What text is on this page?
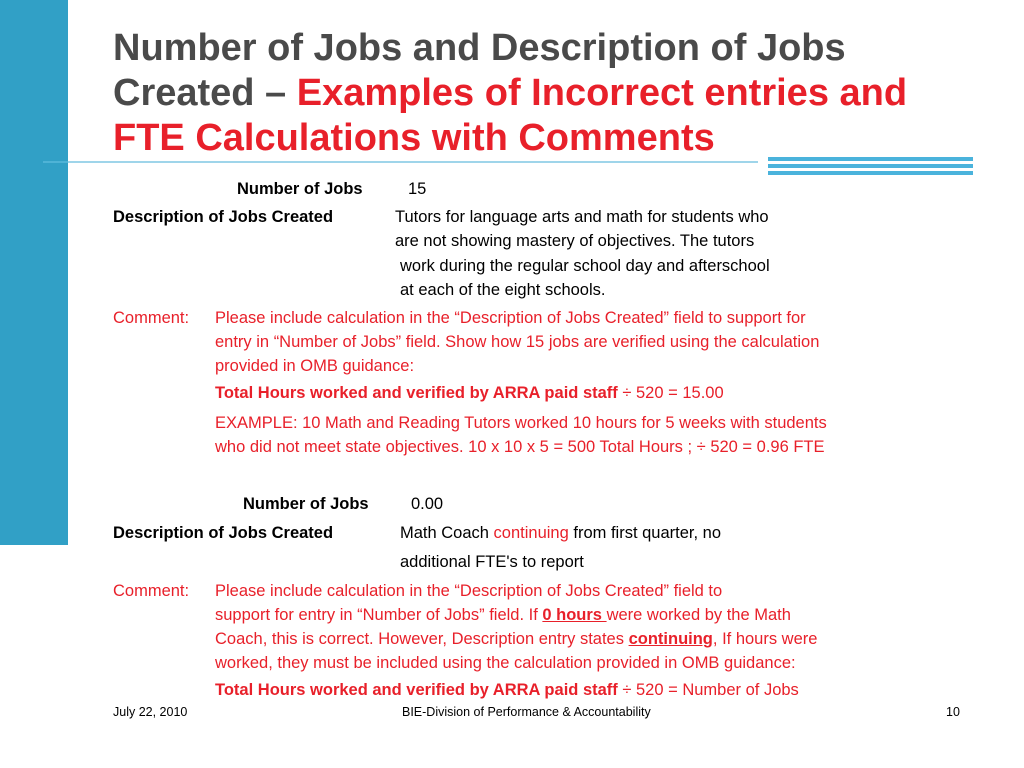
Number of Jobs and Description of Jobs
Created – Examples of Incorrect entries and
FTE Calculations with Comments
Number of Jobs	15
Description of Jobs Created	Tutors for language arts and math for students who
are not showing mastery of objectives. The tutors
work during the regular school day and afterschool
at each of the eight schools.
Comment: Please include calculation in the “Description of Jobs Created” field to support for
entry in “Number of Jobs” field. Show how 15 jobs are verified using the calculation
provided in OMB guidance:
Total Hours worked and verified by ARRA paid staff ÷ 520 = 15.00
EXAMPLE: 10 Math and Reading Tutors worked 10 hours for 5 weeks with students
who did not meet state objectives. 10 x 10 x 5 = 500 Total Hours ; ÷ 520 = 0.96 FTE
Number of Jobs	0.00
Description of Jobs Created	Math Coach continuing from first quarter, no
additional FTE's to report
Comment: Please include calculation in the “Description of Jobs Created” field to
support for entry in “Number of Jobs” field. If 0 hours were worked by the Math
Coach, this is correct. However, Description entry states continuing, If hours were
worked, they must be included using the calculation provided in OMB guidance:
Total Hours worked and verified by ARRA paid staff ÷ 520 = Number of Jobs
July 22, 2010	BIE-Division of Performance & Accountability	10
